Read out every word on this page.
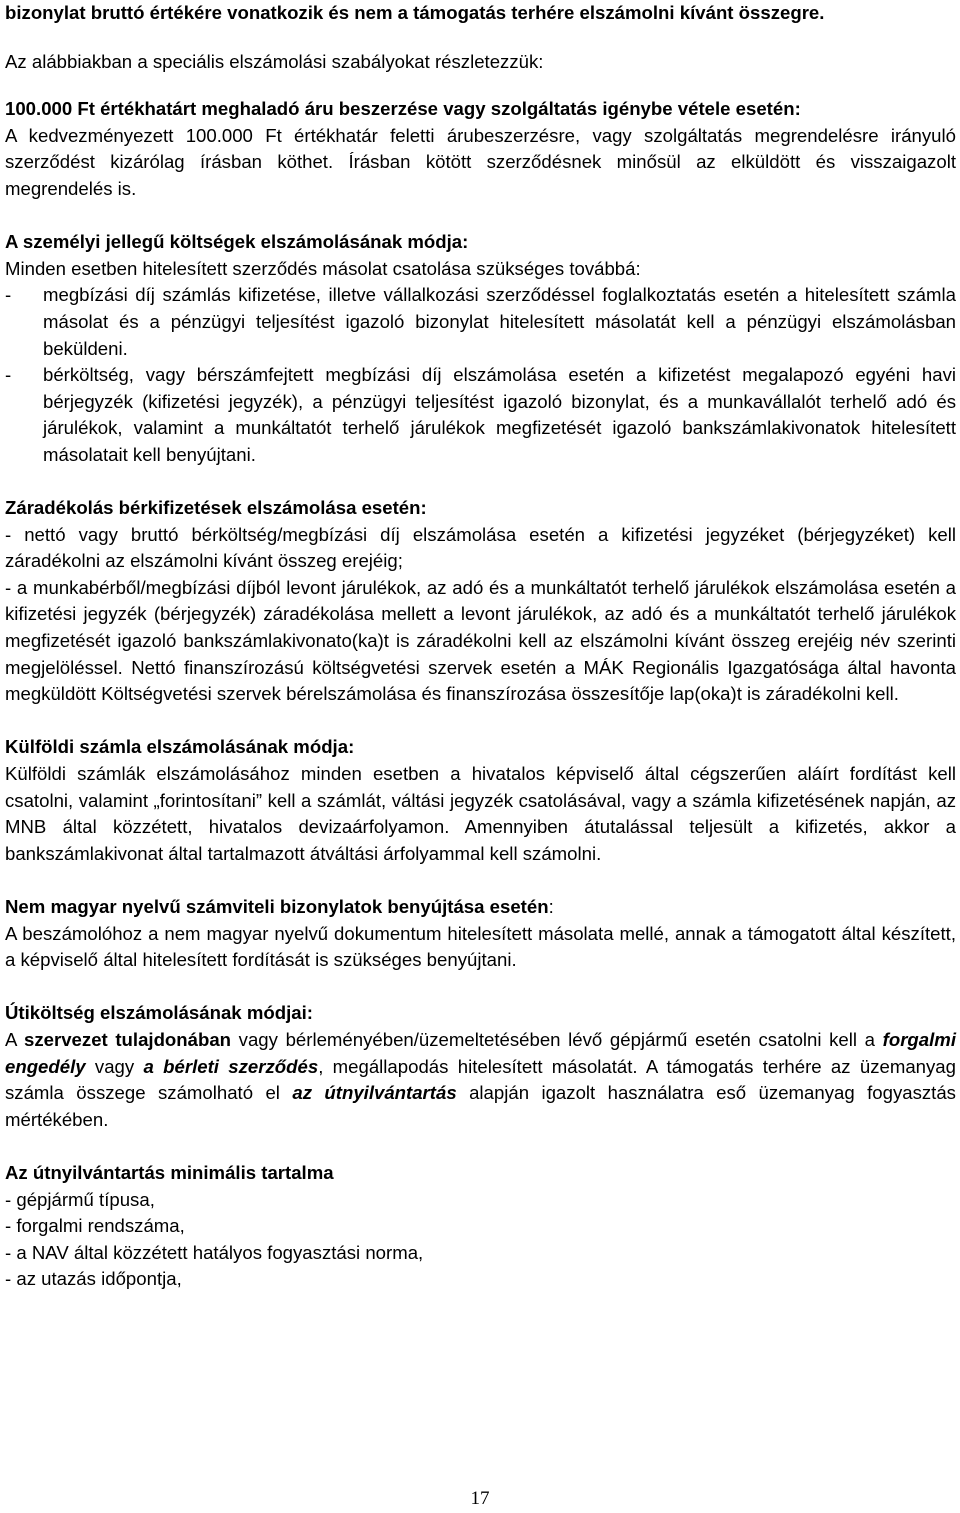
bizonylat bruttó értékére vonatkozik és nem a támogatás terhére elszámolni kívánt összegre.

Az alábbiakban a speciális elszámolási szabályokat részletezzük:

100.000 Ft értékhatárt meghaladó áru beszerzése vagy szolgáltatás igénybe vétele esetén:

A kedvezményezett 100.000 Ft értékhatár feletti árubeszerzésre, vagy szolgáltatás megrendelésre irányuló szerződést kizárólag írásban köthet. Írásban kötött szerződésnek minősül az elküldött és visszaigazolt megrendelés is.

A személyi jellegű költségek elszámolásának módja:

Minden esetben hitelesített szerződés másolat csatolása szükséges továbbá:

-	megbízási díj számlás kifizetése, illetve vállalkozási szerződéssel foglalkoztatás esetén a hitelesített számla másolat és a pénzügyi teljesítést igazoló bizonylat hitelesített másolatát kell a pénzügyi elszámolásban beküldeni.
-	bérköltség, vagy bérszámfejtett megbízási díj elszámolása esetén a kifizetést megalapozó egyéni havi bérjegyzék (kifizetési jegyzék), a pénzügyi teljesítést igazoló bizonylat, és a munkavállalót terhelő adó és járulékok, valamint a munkáltatót terhelő járulékok megfizetését igazoló bankszámlakivonatok hitelesített másolatait kell benyújtani.

Záradékolás bérkifizetések elszámolása esetén:

- nettó vagy bruttó bérköltség/megbízási díj elszámolása esetén a kifizetési jegyzéket (bérjegyzéket) kell záradékolni az elszámolni kívánt összeg erejéig;

- a munkabérből/megbízási díjból levont járulékok, az adó és a munkáltatót terhelő járulékok elszámolása esetén a kifizetési jegyzék (bérjegyzék) záradékolása mellett a levont járulékok, az adó és a munkáltatót terhelő járulékok megfizetését igazoló bankszámlakivonato(ka)t is záradékolni kell az elszámolni kívánt összeg erejéig név szerinti megjelöléssel. Nettó finanszírozású költségvetési szervek esetén a MÁK Regionális Igazgatósága által havonta megküldött Költségvetési szervek bérelszámolása és finanszírozása összesítője lap(oka)t is záradékolni kell.

Külföldi számla elszámolásának módja:

Külföldi számlák elszámolásához minden esetben a hivatalos képviselő által cégszerűen aláírt fordítást kell csatolni, valamint „forintosítani” kell a számlát, váltási jegyzék csatolásával, vagy a számla kifizetésének napján, az MNB által közzétett, hivatalos devizaárfolyamon. Amennyiben átutalással teljesült a kifizetés, akkor a bankszámlakivonat által tartalmazott átváltási árfolyammal kell számolni.

Nem magyar nyelvű számviteli bizonylatok benyújtása esetén:

A beszámolóhoz a nem magyar nyelvű dokumentum hitelesített másolata mellé, annak a támogatott által készített, a képviselő által hitelesített fordítását is szükséges benyújtani.

Útiköltség elszámolásának módjai:

A szervezet tulajdonában vagy bérleményében/üzemeltetésében lévő gépjármű esetén csatolni kell a forgalmi engedély vagy a bérleti szerződés, megállapodás hitelesített másolatát. A támogatás terhére az üzemanyag számla összege számolható el az útnyilvántartás alapján igazolt használatra eső üzemanyag fogyasztás mértékében.

Az útnyilvántartás minimális tartalma

- gépjármű típusa,

- forgalmi rendszáma,

- a NAV által közzétett hatályos fogyasztási norma,

- az utazás időpontja,

17
